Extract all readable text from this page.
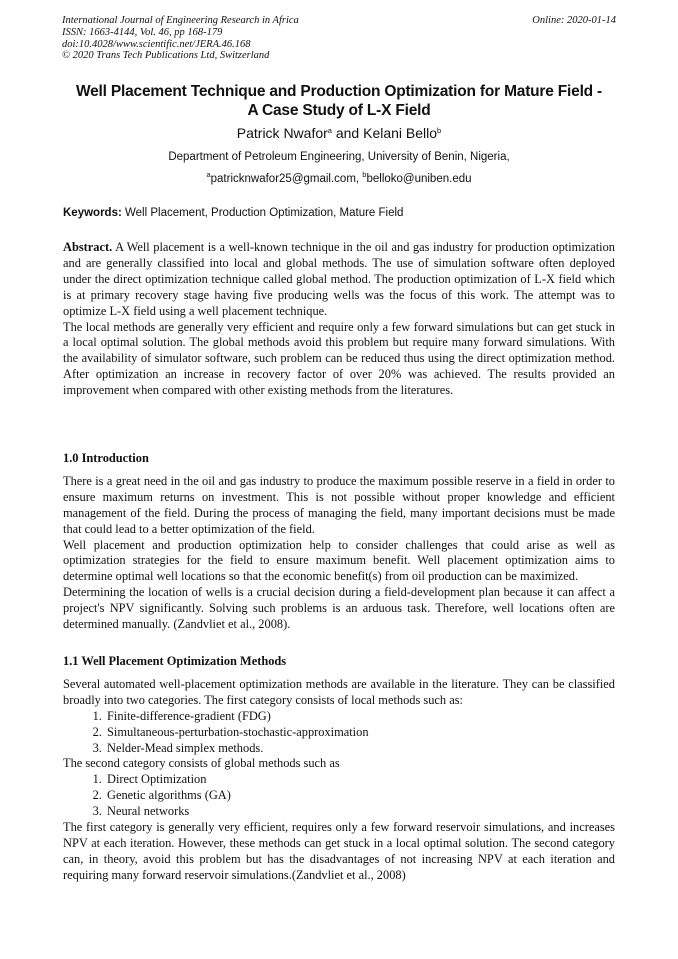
International Journal of Engineering Research in Africa
ISSN: 1663-4144, Vol. 46, pp 168-179
doi:10.4028/www.scientific.net/JERA.46.168
© 2020 Trans Tech Publications Ltd, Switzerland
Online: 2020-01-14
Well Placement Technique and Production Optimization for Mature Field -
A Case Study of L-X Field
Patrick Nwafor$^a$ and Kelani Bello$^b$
Department of Petroleum Engineering, University of Benin, Nigeria,
$^a$patricknwafor25@gmail.com, $^b$belloko@uniben.edu
Keywords: Well Placement, Production Optimization, Mature Field

Abstract. A Well placement is a well-known technique in the oil and gas industry for production optimization and are generally classified into local and global methods. The use of simulation software often deployed under the direct optimization technique called global method. The production optimization of L-X field which is at primary recovery stage having five producing wells was the focus of this work. The attempt was to optimize L-X field using a well placement technique.

The local methods are generally very efficient and require only a few forward simulations but can get stuck in a local optimal solution. The global methods avoid this problem but require many forward simulations. With the availability of simulator software, such problem can be reduced thus using the direct optimization method. After optimization an increase in recovery factor of over 20% was achieved. The results provided an improvement when compared with other existing methods from the literatures.

1.0 Introduction

There is a great need in the oil and gas industry to produce the maximum possible reserve in a field in order to ensure maximum returns on investment. This is not possible without proper knowledge and efficient management of the field. During the process of managing the field, many important decisions must be made that could lead to a better optimization of the field.

Well placement and production optimization help to consider challenges that could arise as well as optimization strategies for the field to ensure maximum benefit. Well placement optimization aims to determine optimal well locations so that the economic benefit(s) from oil production can be maximized.

Determining the location of wells is a crucial decision during a field-development plan because it can affect a project's NPV significantly. Solving such problems is an arduous task. Therefore, well locations often are determined manually. (Zandvliet et al., 2008).

1.1 Well Placement Optimization Methods

Several automated well-placement optimization methods are available in the literature. They can be classified broadly into two categories. The first category consists of local methods such as:

1. Finite-difference-gradient (FDG)
2. Simultaneous-perturbation-stochastic-approximation
3. Nelder-Mead simplex methods.

The second category consists of global methods such as

1. Direct Optimization
2. Genetic algorithms (GA)
3. Neural networks

The first category is generally very efficient, requires only a few forward reservoir simulations, and increases NPV at each iteration. However, these methods can get stuck in a local optimal solution. The second category can, in theory, avoid this problem but has the disadvantages of not increasing NPV at each iteration and requiring many forward reservoir simulations.(Zandvliet et al., 2008)
